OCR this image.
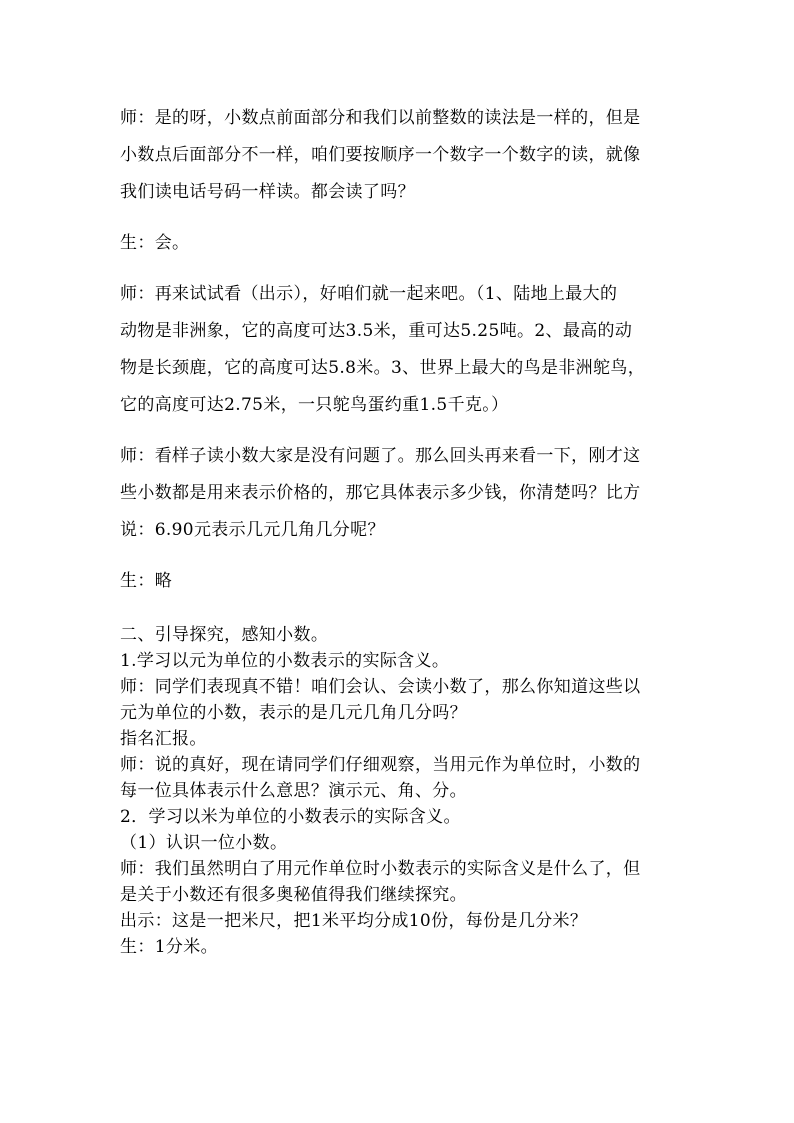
师：是的呀，小数点前面部分和我们以前整数的读法是一样的，但是
小数点后面部分不一样，咱们要按顺序一个数字一个数字的读，就像
我们读电话号码一样读。都会读了吗？

生：会。

师：再来试试看（出示），好咱们就一起来吧。（1、陆地上最大的
动物是非洲象，它的高度可达3.5米，重可达5.25吨。2、最高的动
物是长颈鹿，它的高度可达5.8米。3、世界上最大的鸟是非洲鸵鸟，
它的高度可达2.75米，一只鸵鸟蛋约重1.5千克。）

师：看样子读小数大家是没有问题了。那么回头再来看一下，刚才这
些小数都是用来表示价格的，那它具体表示多少钱，你清楚吗？比方
说：6.90元表示几元几角几分呢？

生：略

二、引导探究，感知小数。

1.学习以元为单位的小数表示的实际含义。

师：同学们表现真不错！咱们会认、会读小数了，那么你知道这些以
元为单位的小数，表示的是几元几角几分吗？

指名汇报。

师：说的真好，现在请同学们仔细观察，当用元作为单位时，小数的
每一位具体表示什么意思？演示元、角、分。

2．学习以米为单位的小数表示的实际含义。

（1）认识一位小数。

师：我们虽然明白了用元作单位时小数表示的实际含义是什么了，但
是关于小数还有很多奥秘值得我们继续探究。

出示：这是一把米尺，把1米平均分成10份，每份是几分米？

生：1分米。
